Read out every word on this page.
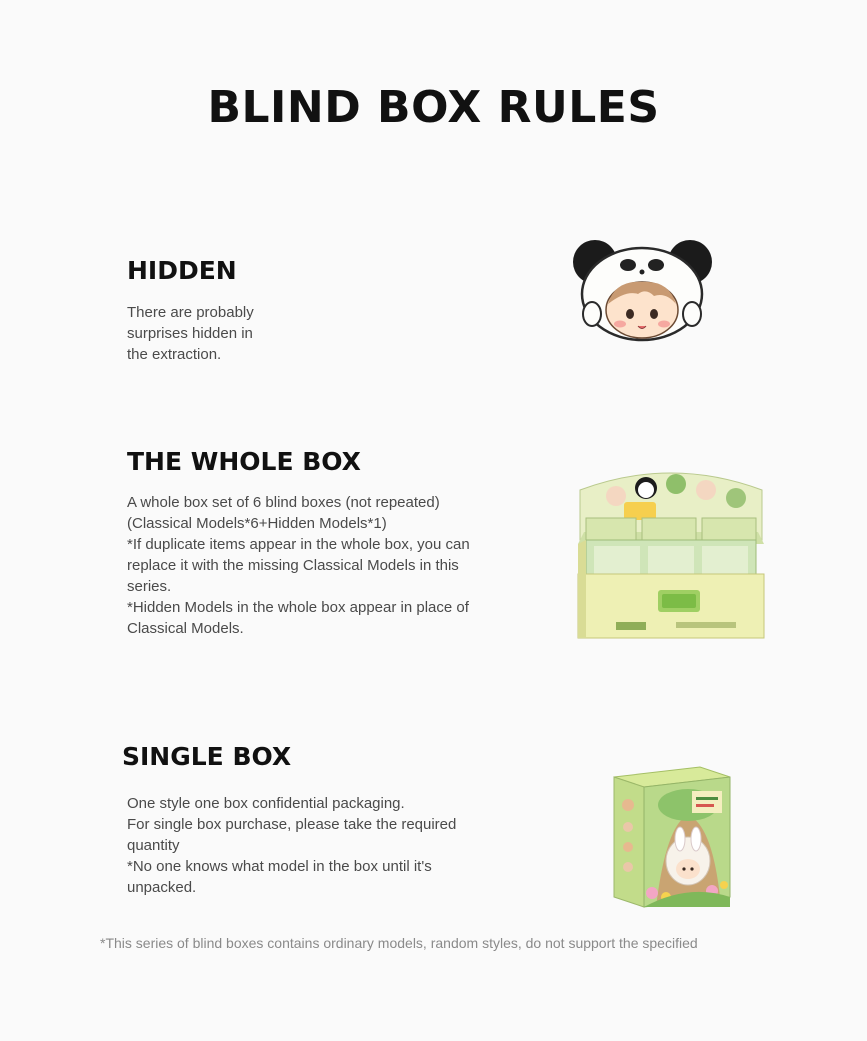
BLIND BOX RULES
HIDDEN
There are probably
surprises hidden in
the extraction.
THE WHOLE BOX
A whole box set of 6 blind boxes (not repeated)
(Classical Models*6+Hidden Models*1)
*If duplicate items appear in the whole box, you can
replace it with the missing Classical Models in this
series.
*Hidden Models in the whole box appear in place of
Classical Models.
SINGLE BOX
One style one box confidential packaging.
For single box purchase, please take the required
quantity
*No one knows what model in the box until it's
unpacked.
*This series of blind boxes contains ordinary models, random styles, do not support the specified
